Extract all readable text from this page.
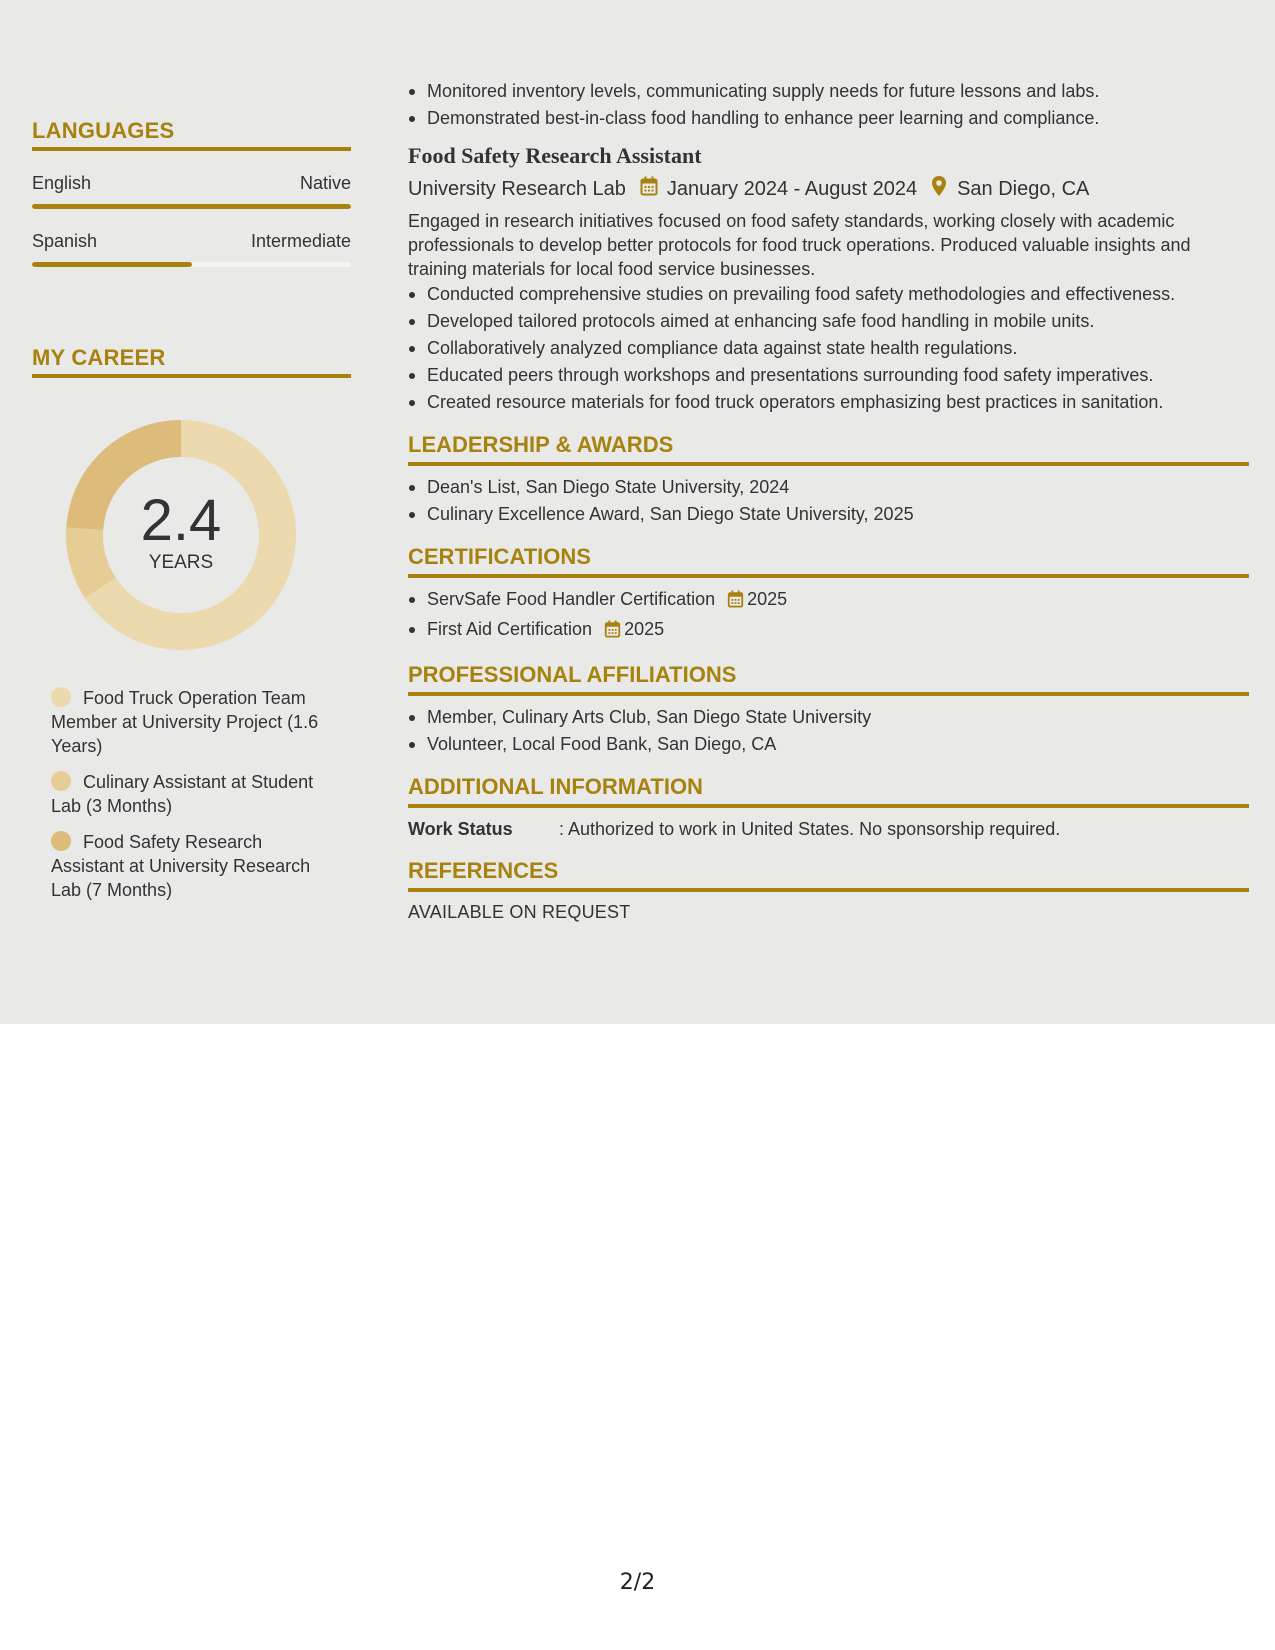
LANGUAGES
English	Native
Spanish	Intermediate
MY CAREER
2.4
YEARS
Food Truck Operation Team Member at University Project (1.6 Years)
Culinary Assistant at Student Lab (3 Months)
Food Safety Research Assistant at University Research Lab (7 Months)
Monitored inventory levels, communicating supply needs for future lessons and labs.
Demonstrated best-in-class food handling to enhance peer learning and compliance.
Food Safety Research Assistant
University Research Lab January 2024 - August 2024 San Diego, CA
Engaged in research initiatives focused on food safety standards, working closely with academic professionals to develop better protocols for food truck operations. Produced valuable insights and training materials for local food service businesses.
Conducted comprehensive studies on prevailing food safety methodologies and effectiveness.
Developed tailored protocols aimed at enhancing safe food handling in mobile units.
Collaboratively analyzed compliance data against state health regulations.
Educated peers through workshops and presentations surrounding food safety imperatives.
Created resource materials for food truck operators emphasizing best practices in sanitation.
LEADERSHIP & AWARDS
Dean's List, San Diego State University, 2024
Culinary Excellence Award, San Diego State University, 2025
CERTIFICATIONS
ServSafe Food Handler Certification 2025
First Aid Certification 2025
PROFESSIONAL AFFILIATIONS
Member, Culinary Arts Club, San Diego State University
Volunteer, Local Food Bank, San Diego, CA
ADDITIONAL INFORMATION
Work Status	: Authorized to work in United States. No sponsorship required.
REFERENCES
AVAILABLE ON REQUEST
2/2
